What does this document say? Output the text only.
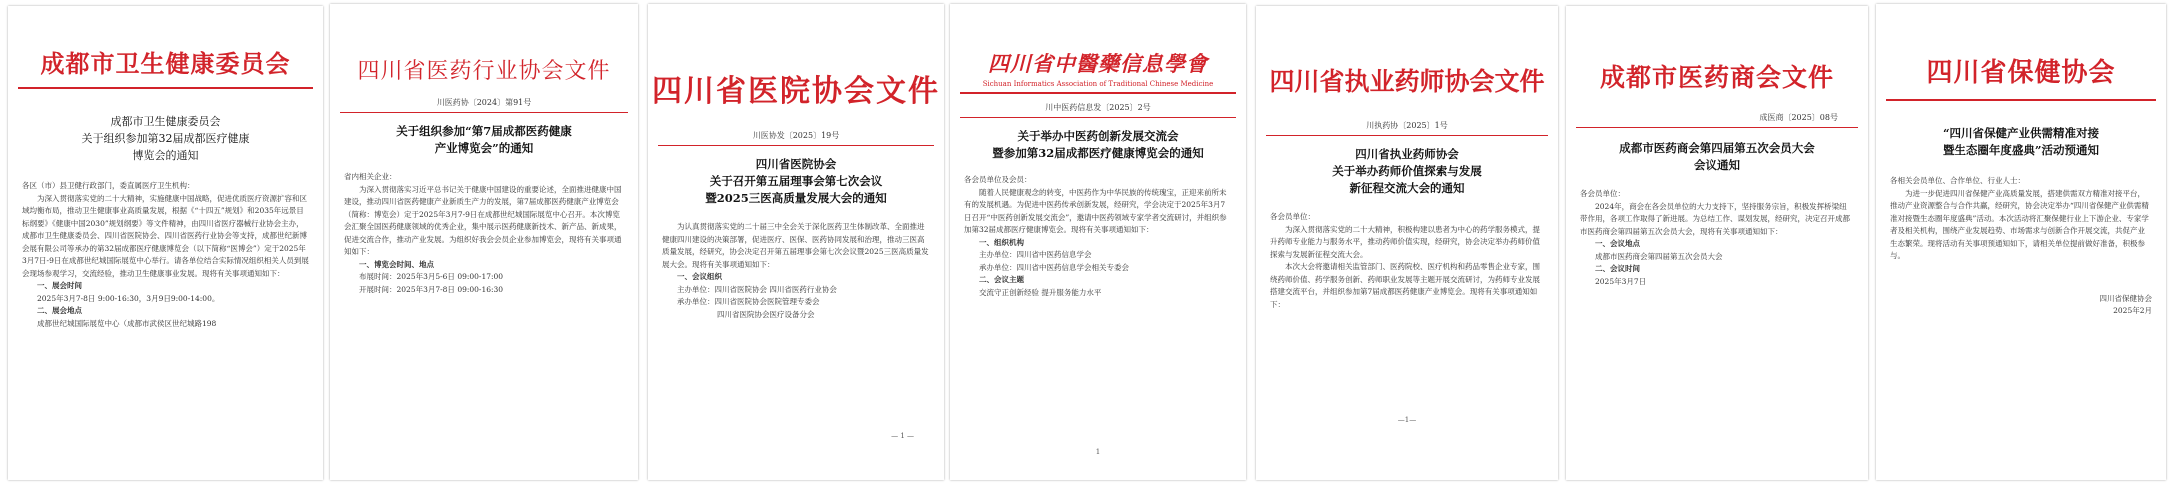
成都市卫生健康委员会
成都市卫生健康委员会
关于组织参加第32届成都医疗健康
博览会的通知

各区（市）县卫健行政部门，委直属医疗卫生机构：

为深入贯彻落实党的二十大精神，实施健康中国战略，促进优质医疗资源扩容和区域均衡布局，推动卫生健康事业高质量发展，根据《“十四五”规划》和2035年远景目标纲要》《健康中国2030”规划纲要》等文件精神，由四川省医疗器械行业协会主办，成都市卫生健康委员会、四川省医院协会、四川省医药行业协会等支持，成都世纪新博会展有限公司等承办的第32届成都医疗健康博览会（以下简称“医博会”）定于2025年3月7日-9日在成都世纪城国际展览中心举行。请各单位结合实际情况组织相关人员到展会现场参观学习，交流经验，推动卫生健康事业发展。现将有关事项通知如下：

一、展会时间

2025年3月7-8日 9:00-16:30，3月9日9:00-14:00。

二、展会地点

成都世纪城国际展览中心（成都市武侯区世纪城路198

四川省医药行业协会文件
川医药协〔2024〕第91号
关于组织参加“第7届成都医药健康
产业博览会”的通知

省内相关企业：

为深入贯彻落实习近平总书记关于健康中国建设的重要论述，全面推进健康中国建设，推动四川省医药健康产业新质生产力的发展，第7届成都医药健康产业博览会（简称：博览会）定于2025年3月7-9日在成都世纪城国际展览中心召开。本次博览会汇聚全国医药健康领域的优秀企业，集中展示医药健康新技术、新产品、新成果，促进交流合作，推动产业发展。为组织好我会会员企业参加博览会，现将有关事项通知如下：

一、博览会时间、地点

布展时间：2025年3月5-6日 09:00-17:00

开展时间：2025年3月7-8日 09:00-16:30

四川省医院协会文件
川医协发〔2025〕19号
四川省医院协会
关于召开第五届理事会第七次会议
暨2025三医高质量发展大会的通知

为认真贯彻落实党的二十届三中全会关于深化医药卫生体制改革、全面推进健康四川建设的决策部署，促进医疗、医保、医药协同发展和治理，推动三医高质量发展，经研究，协会决定召开第五届理事会第七次会议暨2025三医高质量发展大会。现将有关事项通知如下：

一、会议组织

主办单位：四川省医院协会 四川省医药行业协会

承办单位：四川省医院协会医院管理专委会

四川省医院协会医疗设备分会

— 1 —
四川省中醫藥信息學會
Sichuan Informatics Association of Traditional Chinese Medicine
川中医药信息发〔2025〕2号
关于举办中医药创新发展交流会
暨参加第32届成都医疗健康博览会的通知

各会员单位及会员：

随着人民健康观念的转变，中医药作为中华民族的传统瑰宝，正迎来前所未有的发展机遇。为促进中医药传承创新发展，经研究，学会决定于2025年3月7日召开“中医药创新发展交流会”，邀请中医药领域专家学者交流研讨，并组织参加第32届成都医疗健康博览会。现将有关事项通知如下：

一、组织机构

主办单位：四川省中医药信息学会

承办单位：四川省中医药信息学会相关专委会

二、会议主题

交流守正创新经验 提升服务能力水平

1
四川省执业药师协会文件
川执药协〔2025〕1号
四川省执业药师协会
关于举办药师价值探索与发展
新征程交流大会的通知

各会员单位：

为深入贯彻落实党的二十大精神，积极构建以患者为中心的药学服务模式，提升药师专业能力与服务水平，推动药师价值实现，经研究，协会决定举办药师价值探索与发展新征程交流大会。

本次大会将邀请相关监管部门、医药院校、医疗机构和药品零售企业专家，围绕药师价值、药学服务创新、药师职业发展等主题开展交流研讨，为药师专业发展搭建交流平台，并组织参加第7届成都医药健康产业博览会。现将有关事项通知如下：

—1—
成都市医药商会文件
成医商〔2025〕08号
成都市医药商会第四届第五次会员大会
会议通知

各会员单位：

2024年，商会在各会员单位的大力支持下，坚持服务宗旨，积极发挥桥梁纽带作用，各项工作取得了新进展。为总结工作、谋划发展，经研究，决定召开成都市医药商会第四届第五次会员大会，现将有关事项通知如下：

一、会议地点

成都市医药商会第四届第五次会员大会

二、会议时间

2025年3月7日

四川省保健协会
“四川省保健产业供需精准对接
暨生态圈年度盛典”活动预通知

各相关会员单位、合作单位、行业人士：

为进一步促进四川省保健产业高质量发展，搭建供需双方精准对接平台，推动产业资源整合与合作共赢，经研究，协会决定举办“四川省保健产业供需精准对接暨生态圈年度盛典”活动。本次活动将汇聚保健行业上下游企业、专家学者及相关机构，围绕产业发展趋势、市场需求与创新合作开展交流，共促产业生态繁荣。现将活动有关事项预通知如下，请相关单位提前做好准备，积极参与。

四川省保健协会

2025年2月
